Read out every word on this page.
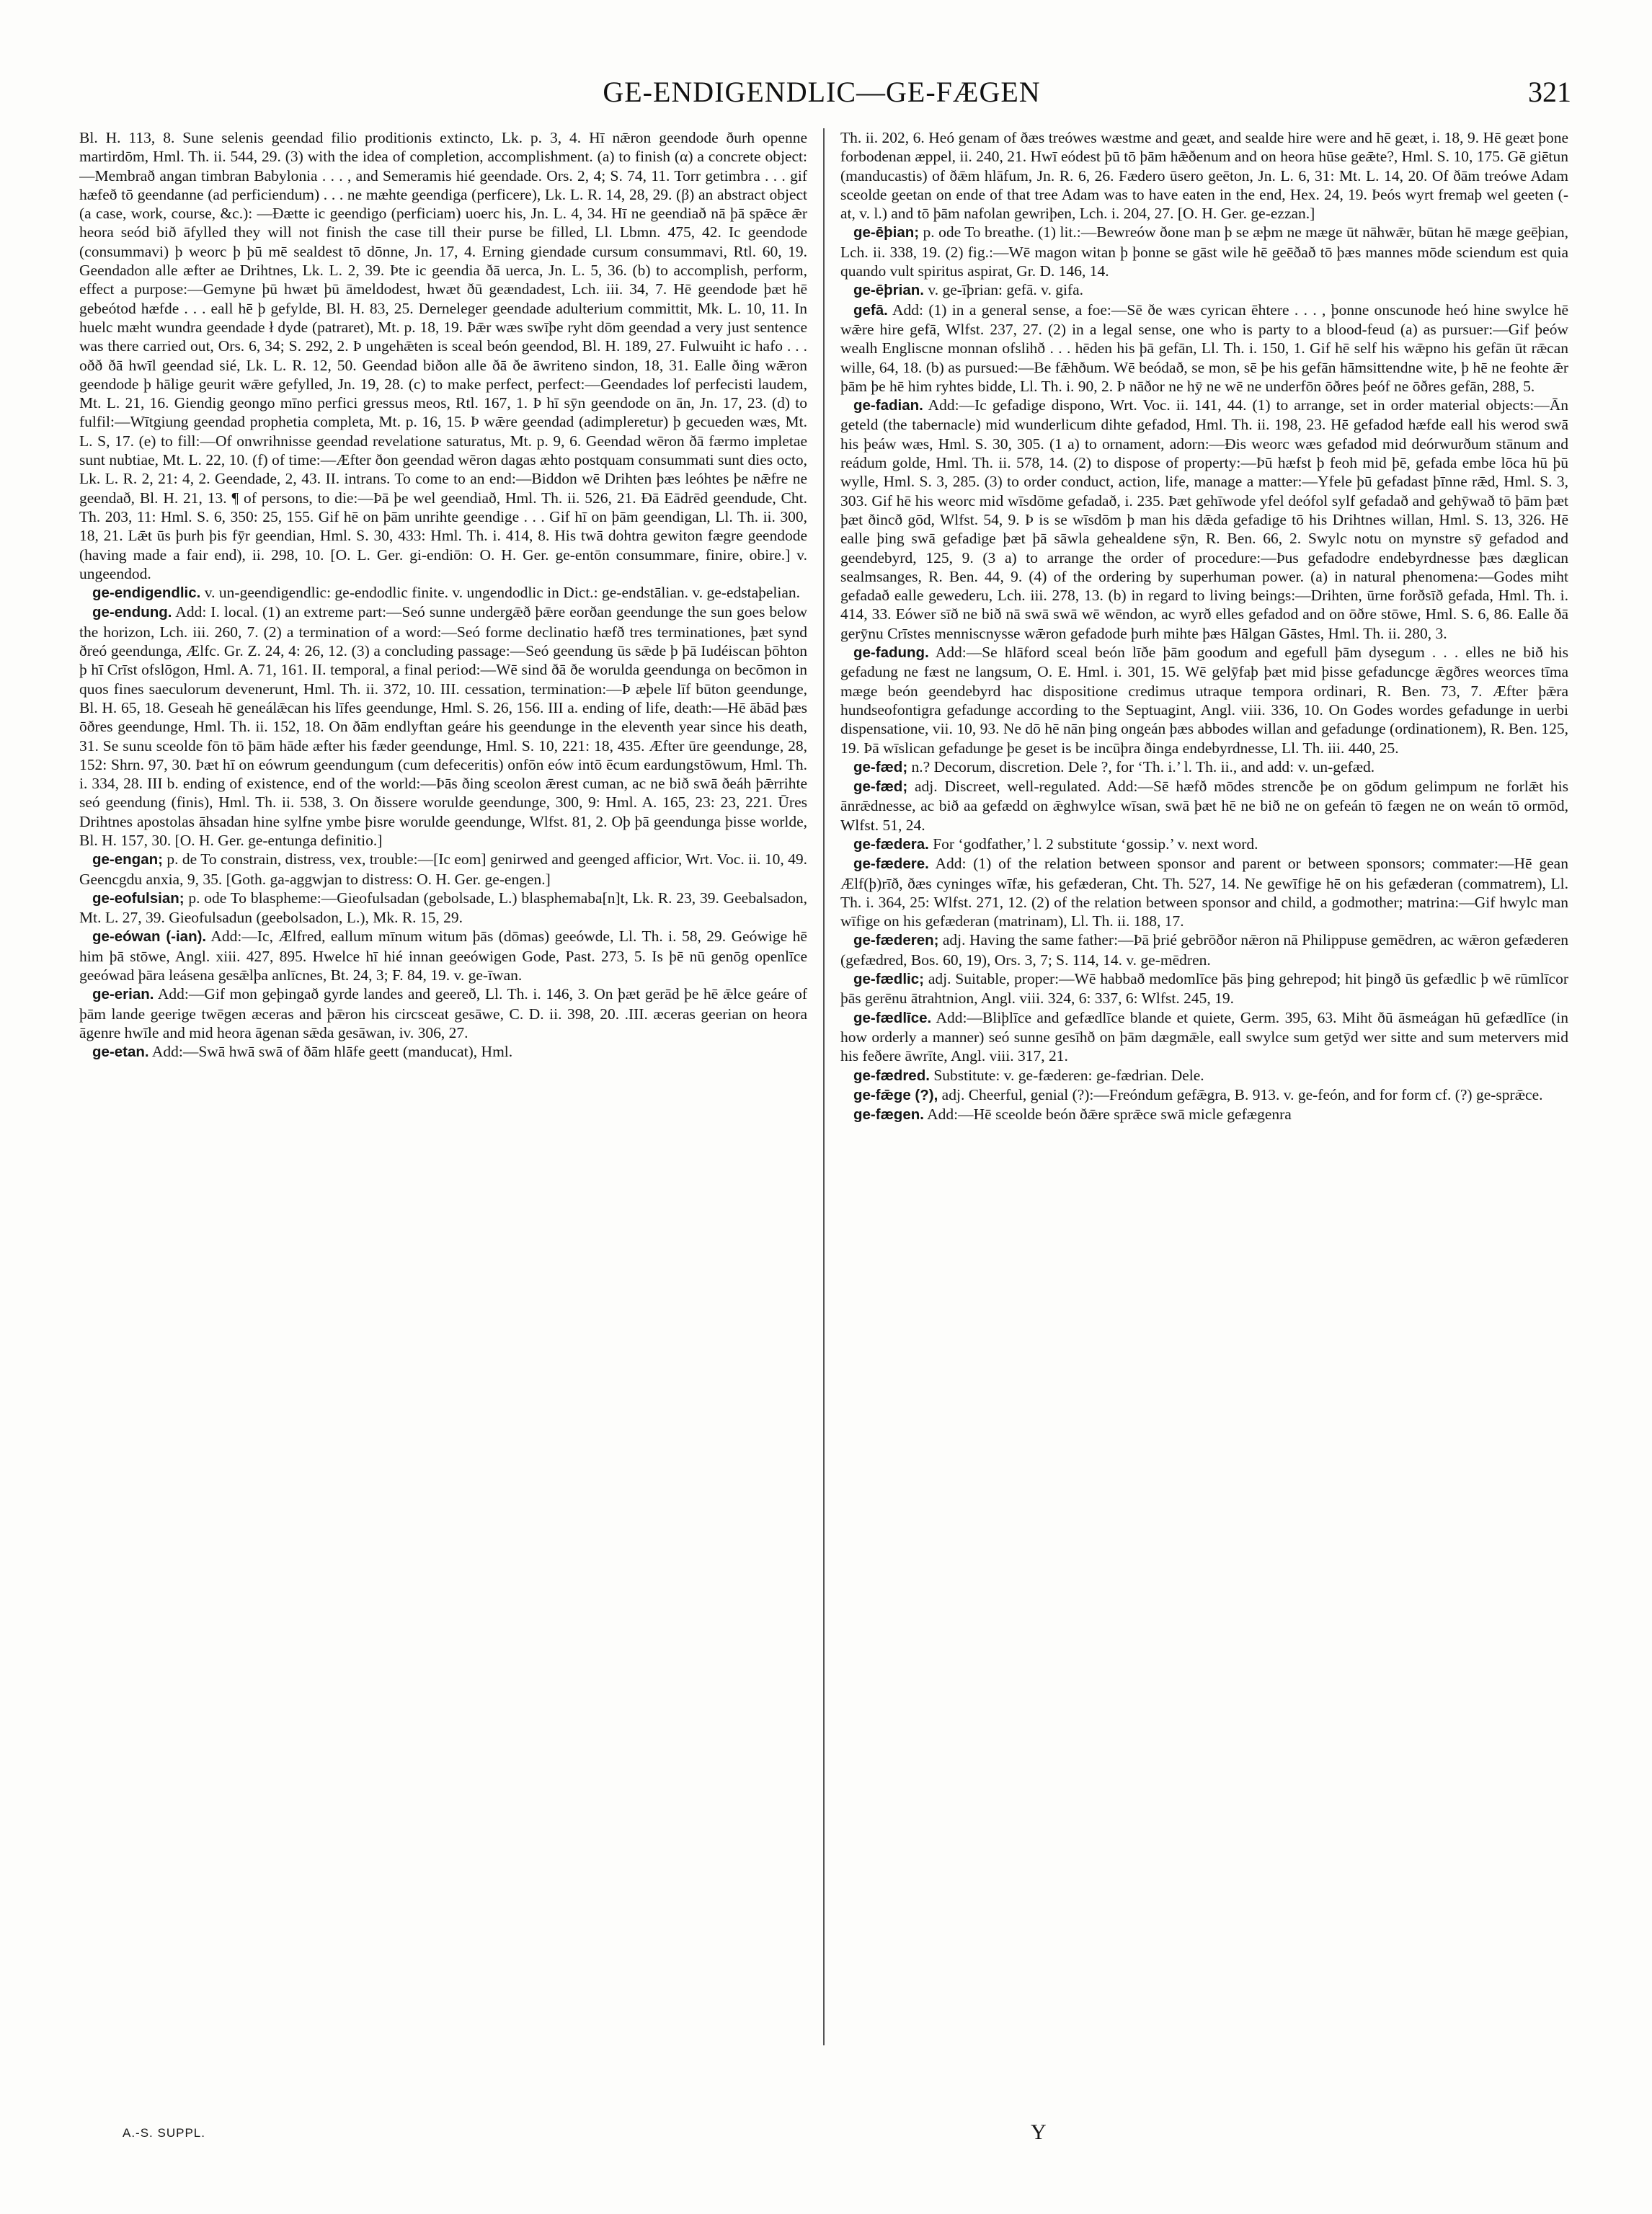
GE-ENDIGENDLIC—GE-FÆGEN	321

Bl. H. 113, 8. Sune selenis geendad filio proditionis extincto, Lk. p. 3, 4. Hī nǣron geendode ðurh openne martirdōm, Hml. Th. ii. 544, 29. (3) with the idea of completion, accomplishment. (a) to finish (α) a concrete object:—Membrað angan timbran Babylonia . . . , and Semeramis hié geendade. Ors. 2, 4; S. 74, 11. Torr getimbra . . . gif hæfeð tō geendanne (ad perficiendum) . . . ne mæhte geendiga (perficere), Lk. L. R. 14, 28, 29. (β) an abstract object (a case, work, course, &c.): —Ðætte ic geendigo (perficiam) uoerc his, Jn. L. 4, 34. Hī ne geendiað nā þā spǣce ǣr heora seód bið āfylled they will not finish the case till their purse be filled, Ll. Lbmn. 475, 42. Ic geendode (consummavi) þ weorc þ þū mē sealdest tō dōnne, Jn. 17, 4. Erning giendade cursum consummavi, Rtl. 60, 19. Geendadon alle æfter ae Drihtnes, Lk. L. 2, 39. Þte ic geendia ðā uerca, Jn. L. 5, 36. (b) to accomplish, perform, effect a purpose:—Gemyne þū hwæt þū āmeldodest, hwæt ðū geændadest, Lch. iii. 34, 7. Hē geendode þæt hē gebeótod hæfde . . . eall hē þ gefylde, Bl. H. 83, 25. Derneleger geendade adulterium committit, Mk. L. 10, 11. In huelc mæht wundra geendade ł dyde (patraret), Mt. p. 18, 19. Þǣr wæs swīþe ryht dōm geendad a very just sentence was there carried out, Ors. 6, 34; S. 292, 2. Þ ungehǣten is sceal beón geendod, Bl. H. 189, 27. Fulwuiht ic hafo . . . oðð ðā hwīl geendad sié, Lk. L. R. 12, 50. Geendad biðon alle ðā ðe āwriteno sindon, 18, 31. Ealle ðing wǣron geendode þ hālige geurit wǣre gefylled, Jn. 19, 28. (c) to make perfect, perfect:—Geendades lof perfecisti laudem, Mt. L. 21, 16. Giendig geongo mīno perfici gressus meos, Rtl. 167, 1. Þ hī sȳn geendode on ān, Jn. 17, 23. (d) to fulfil:—Wītgiung geendad prophetia completa, Mt. p. 16, 15. Þ wǣre geendad (adimpleretur) þ gecueden wæs, Mt. L. S, 17. (e) to fill:—Of onwrihnisse geendad revelatione saturatus, Mt. p. 9, 6. Geendad wēron ðā færmo impletae sunt nubtiae, Mt. L. 22, 10. (f) of time:—Æfter ðon geendad wēron dagas æhto postquam consummati sunt dies octo, Lk. L. R. 2, 21: 4, 2. Geendade, 2, 43. II. intrans. To come to an end:—Biddon wē Drihten þæs leóhtes þe nǣfre ne geendað, Bl. H. 21, 13. ¶ of persons, to die:—Þā þe wel geendiað, Hml. Th. ii. 526, 21. Ðā Eādrēd geendude, Cht. Th. 203, 11: Hml. S. 6, 350: 25, 155. Gif hē on þām unrihte geendige . . . Gif hī on þām geendigan, Ll. Th. ii. 300, 18, 21. Lǣt ūs þurh þis fȳr geendian, Hml. S. 30, 433: Hml. Th. i. 414, 8. His twā dohtra gewiton fægre geendode (having made a fair end), ii. 298, 10. [O. L. Ger. gi-endiōn: O. H. Ger. ge-entōn consummare, finire, obire.] v. ungeendod.

ge-endigendlic. v. un-geendigendlic: ge-endodlic finite. v. ungendodlic in Dict.: ge-endstālian. v. ge-edstaþelian.

ge-endung. Add: I. local. (1) an extreme part:—Seó sunne undergǣð þǣre eorðan geendunge the sun goes below the horizon, Lch. iii. 260, 7. (2) a termination of a word:—Seó forme declinatio hæfð tres terminationes, þæt synd ðreó geendunga, Ælfc. Gr. Z. 24, 4: 26, 12. (3) a concluding passage:—Seó geendung ūs sǣde þ þā Iudéiscan þōhton þ hī Crīst ofslōgon, Hml. A. 71, 161. II. temporal, a final period:—Wē sind ðā ðe worulda geendunga on becōmon in quos fines saeculorum devenerunt, Hml. Th. ii. 372, 10. III. cessation, termination:—Þ æþele līf būton geendunge, Bl. H. 65, 18. Geseah hē geneálǣcan his līfes geendunge, Hml. S. 26, 156. III a. ending of life, death:—Hē ābād þæs ōðres geendunge, Hml. Th. ii. 152, 18. On ðām endlyftan geáre his geendunge in the eleventh year since his death, 31. Se sunu sceolde fōn tō þām hāde æfter his fæder geendunge, Hml. S. 10, 221: 18, 435. Æfter ūre geendunge, 28, 152: Shrn. 97, 30. Þæt hī on eówrum geendungum (cum defeceritis) onfōn eów intō ēcum eardungstōwum, Hml. Th. i. 334, 28. III b. ending of existence, end of the world:—Þās ðing sceolon ǣrest cuman, ac ne bið swā ðeáh þǣrrihte seó geendung (finis), Hml. Th. ii. 538, 3. On ðissere woruldе geendunge, 300, 9: Hml. A. 165, 23: 23, 221. Ūres Drihtnes apostolas āhsadan hine sylfne ymbe þisre woruldе geendunge, Wlfst. 81, 2. Oþ þā geendunga þisse worlde, Bl. H. 157, 30. [O. H. Ger. ge-entunga definitio.]

ge-engan; p. de To constrain, distress, vex, trouble:—[Ic eom] genirwed and geenged afficior, Wrt. Voc. ii. 10, 49. Geencgdu anxia, 9, 35. [Goth. ga-aggwjan to distress: O. H. Ger. ge-engen.]

ge-eofulsian; p. ode To blaspheme:—Gieofulsadan (gebolsade, L.) blasphemaba[n]t, Lk. R. 23, 39. Geebalsadon, Mt. L. 27, 39. Gieofulsadun (geebolsadon, L.), Mk. R. 15, 29.

ge-eówan (-ian). Add:—Ic, Ælfred, eallum mīnum witum þās (dōmas) geeówde, Ll. Th. i. 58, 29. Geówige hē him þā stōwe, Angl. xiii. 427, 895. Hwelce hī hié innan geeówigen Gode, Past. 273, 5. Is þē nū genōg openlīce geeówad þāra leásena gesǣlþa anlīcnes, Bt. 24, 3; F. 84, 19. v. ge-īwan.

ge-erian. Add:—Gif mon geþingað gyrde landes and geereð, Ll. Th. i. 146, 3. On þæt gerād þe hē ǣlce geáre of þām lande geerige twēgen æceras and þǣron his circsceat gesāwe, C. D. ii. 398, 20. .III. æceras geerian on heora āgenre hwīle and mid heora āgenan sǣda gesāwan, iv. 306, 27.

ge-etan. Add:—Swā hwā swā of ðām hlāfe geett (manducat), Hml.

Th. ii. 202, 6. Heó genam of ðæs treówes wæstme and geæt, and sealde hire were and hē geæt, i. 18, 9. Hē geæt þone forbodenan æppel, ii. 240, 21. Hwī eódest þū tō þām hǣðenum and on heora hūse geǣte?, Hml. S. 10, 175. Gē giētun (manducastis) of ðǣm hlāfum, Jn. R. 6, 26. Fædero ūsero geēton, Jn. L. 6, 31: Mt. L. 14, 20. Of ðām treówe Adam sceolde geetan on ende of that tree Adam was to have eaten in the end, Hex. 24, 19. Þeós wyrt fremaþ wel geeten (-at, v. l.) and tō þām nafolan gewriþen, Lch. i. 204, 27. [O. H. Ger. ge-ezzan.]

ge-ēþian; p. ode To breathe. (1) lit.:—Bewreów ðone man þ se æþm ne mæge ūt nāhwǣr, būtan hē mæge geēþian, Lch. ii. 338, 19. (2) fig.:—Wē magon witan þ þonne se gāst wile hē geēðað tō þæs mannes mōde sciendum est quia quando vult spiritus aspirat, Gr. D. 146, 14.

ge-ēþrian. v. ge-īþrian: gefā. v. gifa.

gefā. Add: (1) in a general sense, a foe:—Sē ðe wæs cyrican ēhtere . . . , þonne onscunode heó hine swylce hē wǣre hire gefā, Wlfst. 237, 27. (2) in a legal sense, one who is party to a blood-feud (a) as pursuer:—Gif þeów wealh Engliscne monnan ofslihð . . . hēden his þā gefān, Ll. Th. i. 150, 1. Gif hē self his wǣpno his gefān ūt rǣcan wille, 64, 18. (b) as pursued:—Be fǣhðum. Wē beódað, se mon, sē þe his gefān hāmsittendne wite, þ hē ne feohte ǣr þām þe hē him ryhtes bidde, Ll. Th. i. 90, 2. Þ nāðor ne hȳ ne wē ne underfōn ōðres þeóf ne ōðres gefān, 288, 5.

ge-fadian. Add:—Ic gefadige dispono, Wrt. Voc. ii. 141, 44. (1) to arrange, set in order material objects:—Ān geteld (the tabernacle) mid wunderlicum dihte gefadod, Hml. Th. ii. 198, 23. Hē gefadod hæfde eall his werod swā his þeáw wæs, Hml. S. 30, 305. (1 a) to ornament, adorn:—Ðis weorc wæs gefadod mid deórwurðum stānum and reádum golde, Hml. Th. ii. 578, 14. (2) to dispose of property:—Þū hæfst þ feoh mid þē, gefada embe lōca hū þū wylle, Hml. S. 3, 285. (3) to order conduct, action, life, manage a matter:—Yfele þū gefadast þīnne rǣd, Hml. S. 3, 303. Gif hē his weorc mid wīsdōme gefadað, i. 235. Þæt gehīwode yfel deófol sylf gefadað and gehȳwað tō þām þæt þæt ðincð gōd, Wlfst. 54, 9. Þ is se wīsdōm þ man his dǣda gefadige tō his Drihtnes willan, Hml. S. 13, 326. Hē ealle þing swā gefadige þæt þā sāwla gehealdene sȳn, R. Ben. 66, 2. Swylc notu on mynstre sȳ gefadod and geendebyrd, 125, 9. (3 a) to arrange the order of procedure:—Þus gefadodre endebyrdnesse þæs dæglican sealmsanges, R. Ben. 44, 9. (4) of the ordering by superhuman power. (a) in natural phenomena:—Godes miht gefadað ealle gewederu, Lch. iii. 278, 13. (b) in regard to living beings:—Drihten, ūrne forðsīð gefada, Hml. Th. i. 414, 33. Eówer sīð ne bið nā swā swā wē wēndon, ac wyrð elles gefadod and on ōðre stōwe, Hml. S. 6, 86. Ealle ðā gerȳnu Crīstes menniscnysse wǣron gefadode þurh mihte þæs Hālgan Gāstes, Hml. Th. ii. 280, 3.

ge-fadung. Add:—Se hlāford sceal beón līðe þām goodum and egefull þām dysegum . . . elles ne bið his gefadung ne fæst ne langsum, O. E. Hml. i. 301, 15. Wē gelȳfaþ þæt mid þisse gefaduncge ǣgðres weorces tīma mæge beón geendebyrd hac dispositione credimus utraque tempora ordinari, R. Ben. 73, 7. Æfter þǣra hundseofontigra gefadunge according to the Septuagint, Angl. viii. 336, 10. On Godes wordes gefadunge in uerbi dispensatione, vii. 10, 93. Ne dō hē nān þing ongeán þæs abbodes willan and gefadunge (ordinationem), R. Ben. 125, 19. Þā wīslican gefadunge þe geset is be incūþra ðinga endebyrdnesse, Ll. Th. iii. 440, 25.

ge-fæd; n.? Decorum, discretion. Dele ?, for ‘Th. i.’ l. Th. ii., and add: v. un-gefæd.

ge-fæd; adj. Discreet, well-regulated. Add:—Sē hæfð mōdes strencðe þe on gōdum gelimpum ne forlǣt his ānrǣdnesse, ac bið aa gefædd on ǣghwylce wīsan, swā þæt hē ne bið ne on gefeán tō fægen ne on weán tō ormōd, Wlfst. 51, 24.

ge-fædera. For ‘godfather,’ l. 2 substitute ‘gossip.’ v. next word.

ge-fædere. Add: (1) of the relation between sponsor and parent or between sponsors; commater:—Hē gean Ælf(þ)rīð, ðæs cyninges wīfæ, his gefæderan, Cht. Th. 527, 14. Ne gewīfige hē on his gefæderan (commatrem), Ll. Th. i. 364, 25: Wlfst. 271, 12. (2) of the relation between sponsor and child, a godmother; matrina:—Gif hwylc man wīfige on his gefæderan (matrinam), Ll. Th. ii. 188, 17.

ge-fæderen; adj. Having the same father:—Þā þrié gebrōðor nǣron nā Philippuse gemēdren, ac wǣron gefæderen (gefædred, Bos. 60, 19), Ors. 3, 7; S. 114, 14. v. ge-mēdren.

ge-fædlic; adj. Suitable, proper:—Wē habbað medomlīce þās þing gehrepod; hit þingð ūs gefædlic þ wē rūmlīcor þās gerēnu ātrahtnion, Angl. viii. 324, 6: 337, 6: Wlfst. 245, 19.

ge-fædlīce. Add:—Bliþlīce and gefædlīce blande et quiete, Germ. 395, 63. Miht ðū āsmeágan hū gefædlīce (in how orderly a manner) seó sunne gesīhð on þām dægmǣle, eall swylce sum getȳd wer sitte and sum metervers mid his feðere āwrīte, Angl. viii. 317, 21.

ge-fædred. Substitute: v. ge-fæderen: ge-fædrian. Dele.

ge-fǣge (?), adj. Cheerful, genial (?):—Freóndum gefǣgra, B. 913. v. ge-feón, and for form cf. (?) ge-sprǣce.

ge-fægen. Add:—Hē sceolde beón ðǣre sprǣce swā micle gefægenra

A.-S. SUPPL.	Y
